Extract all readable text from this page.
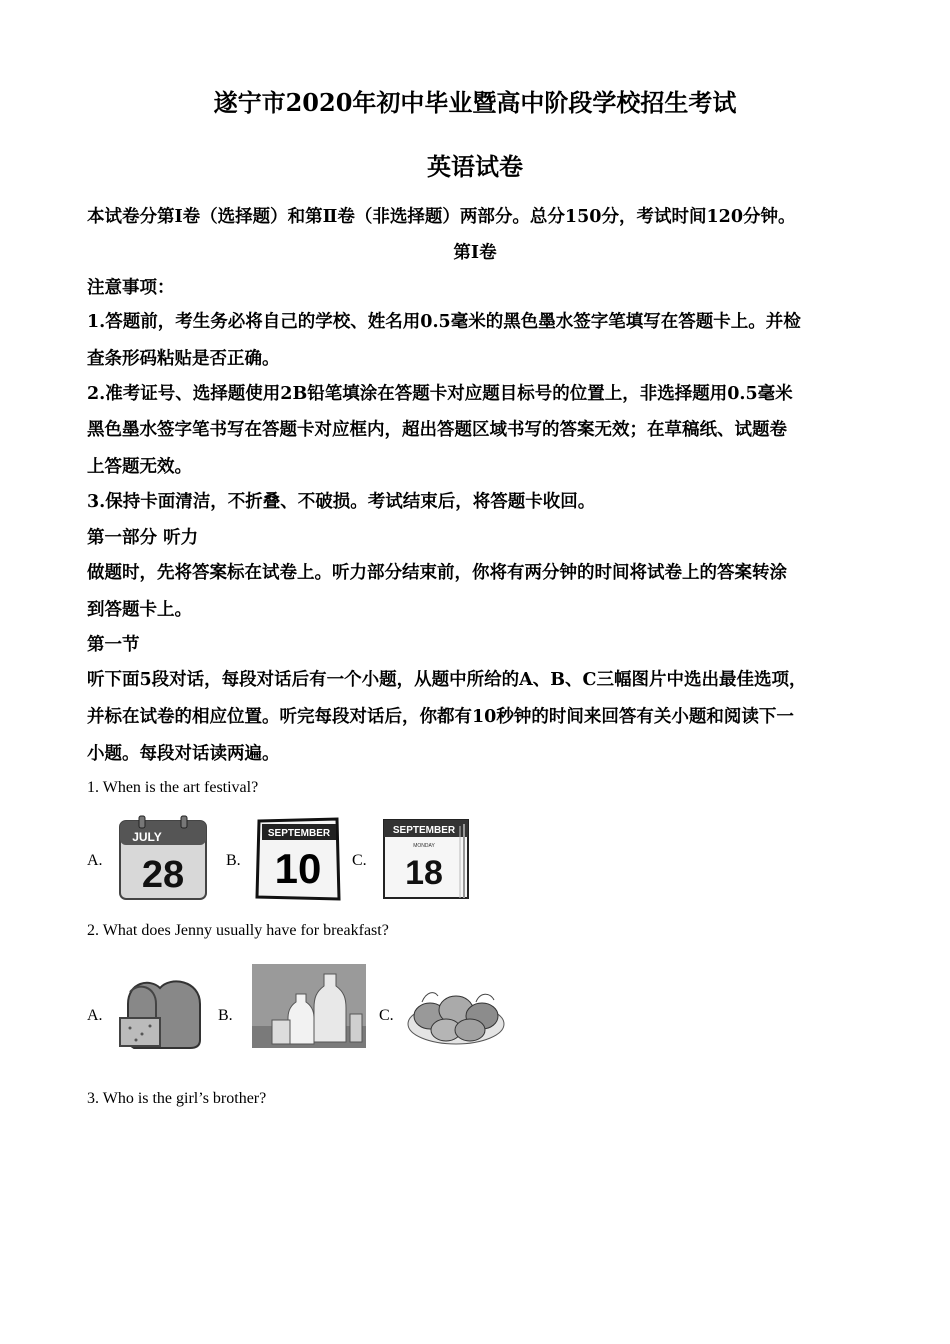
遂宁市2020年初中毕业暨高中阶段学校招生考试
英语试卷
本试卷分第Ⅰ卷（选择题）和第Ⅱ卷（非选择题）两部分。总分150分，考试时间120分钟。
第Ⅰ卷
注意事项：
1.答题前，考生务必将自己的学校、姓名用0.5毫米的黑色墨水签字笔填写在答题卡上。并检
查条形码粘贴是否正确。
2.准考证号、选择题使用2B铅笔填涂在答题卡对应题目标号的位置上，非选择题用0.5毫米
黑色墨水签字笔书写在答题卡对应框内，超出答题区域书写的答案无效；在草稿纸、试题卷
上答题无效。
3.保持卡面清洁，不折叠、不破损。考试结束后，将答题卡收回。
第一部分 听力
做题时，先将答案标在试卷上。听力部分结束前，你将有两分钟的时间将试卷上的答案转涂
到答题卡上。
第一节
听下面5段对话，每段对话后有一个小题，从题中所给的A、B、C三幅图片中选出最佳选项，
并标在试卷的相应位置。听完每段对话后，你都有10秒钟的时间来回答有关小题和阅读下一
小题。每段对话读两遍。
1. When is the art festival?
A.
JULY
28	B.
SEPTEMBER
10 C.
SEPTEMBER
MONDAY
18
2. What does Jenny usually have for breakfast?
A.	B.	C.
3. Who is the girl’s brother?
